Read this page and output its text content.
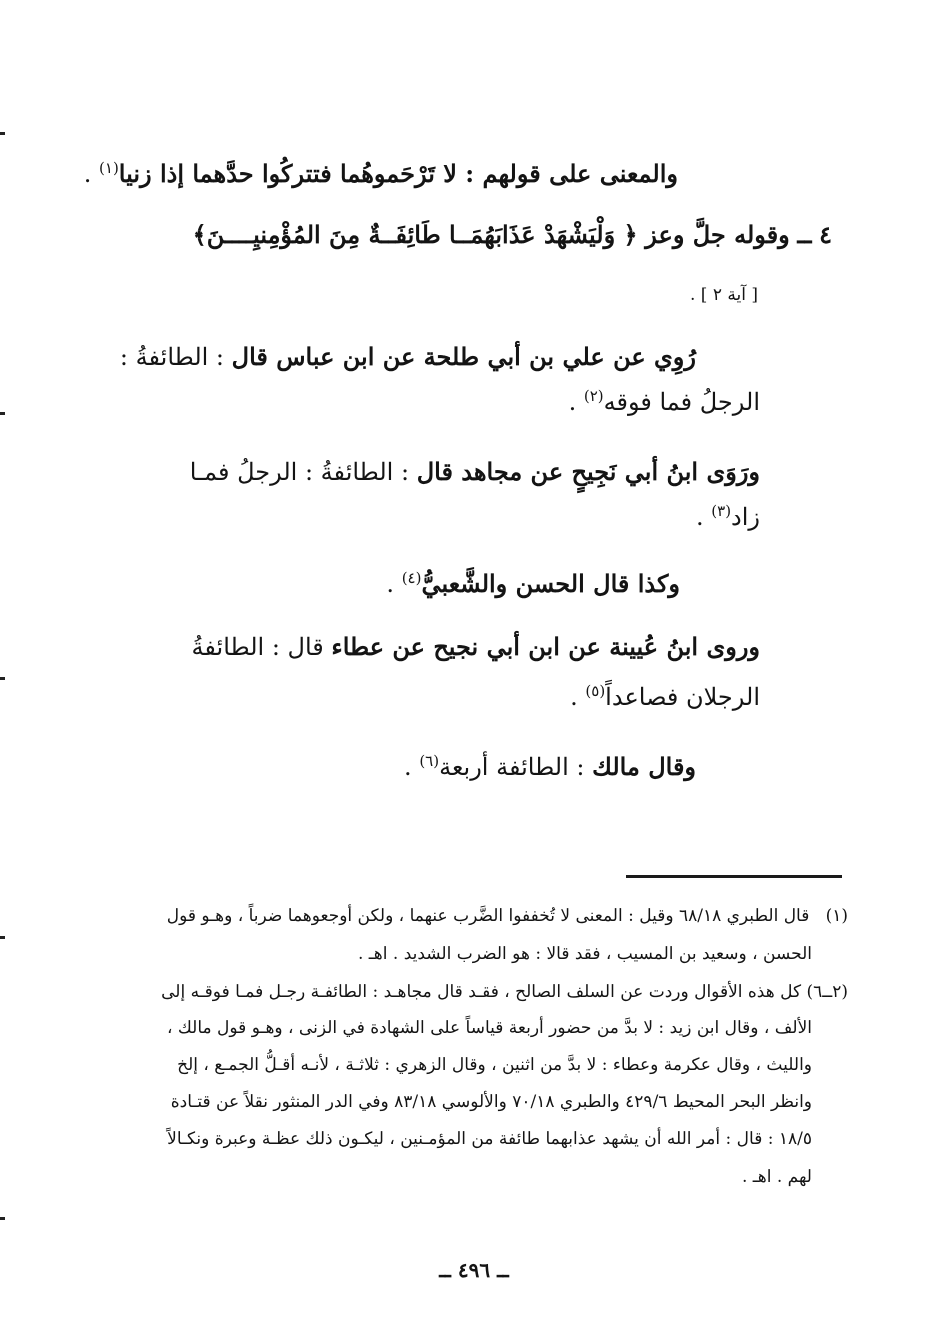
والمعنى على قولهم : لا تَرْحَموهُما فتتركُوا حدَّهما إذا زنيا$^{(١)}$ .

٤ ــ وقوله جلَّ وعز ﴿ وَلْيَشْهَدْ عَذَابَهُمَــا طَائِفَــةٌ مِنَ المُؤْمِنيِــــنَ﴾

[ آية ٢ ] .

رُوِي عن علي بن أبي طلحة عن ابن عباس قال : الطائفةُ :

الرجلُ فما فوقه$^{(٢)}$ .

ورَوَى ابنُ أبي نَجِيحٍ عن مجاهد قال : الطائفةُ : الرجلُ فمـا

زاد$^{(٣)}$ .

وكذا قال الحسن والشَّعبيُّ$^{(٤)}$ .

وروى ابنُ عُيينة عن ابن أبي نجيح عن عطاء قال : الطائفةُ

الرجلان فصاعداً$^{(٥)}$ .

وقال مالك : الطائفة أربعة$^{(٦)}$ .

(١)   قال الطبري ٦٨/١٨ وقيل : المعنى لا تُخففوا الضَّرب عنهما ، ولكن أوجعوهما ضرباً ، وهـو قول

الحسن ، وسعيد بن المسيب ، فقد قالا : هو الضرب الشديد . اهـ .

(٢ــ٦) كل هذه الأقوال وردت عن السلف الصالح ، فقـد قال مجاهـد : الطائفـة رجـل فمـا فوقـه إلى

الألف ، وقال ابن زيد : لا بدَّ من حضور أربعة قياساً على الشهادة في الزنى ، وهـو قول مالك ،

والليث ، وقال عكرمة وعطاء : لا بدَّ من اثنين ، وقال الزهري : ثلاثـة ، لأنـه أقـلُّ الجمـع ، إلخ

وانظر البحر المحيط ٤٢٩/٦ والطبري ٧٠/١٨ والألوسي ٨٣/١٨ وفي الدر المنثور نقلاً عن قتـادة

١٨/٥ : قال : أمر الله أن يشهد عذابهما طائفة من المؤمـنين ، ليكـون ذلك عظـة وعبرة ونكـالاً

لهم . اهـ .

ــ ٤٩٦ ــ
